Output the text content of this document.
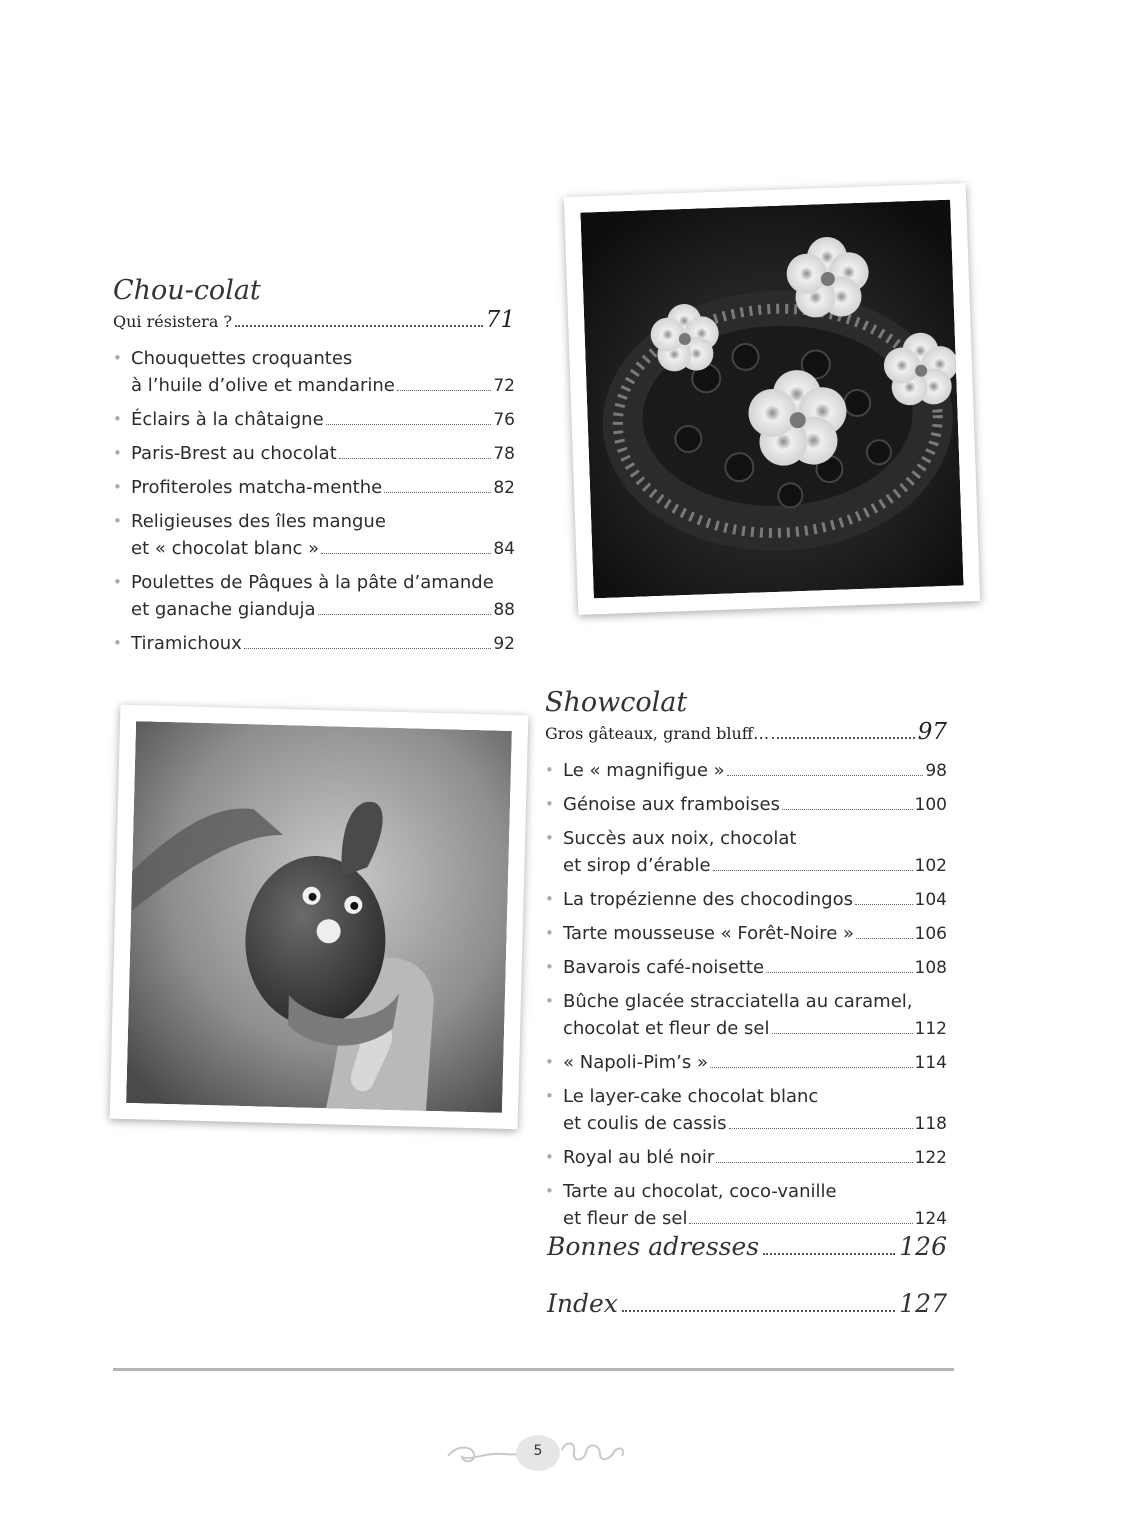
Chou-colat
Qui résistera ?	71
• Chouquettes croquantes
à l’huile d’olive et mandarine	72
• Éclairs à la châtaigne	76
• Paris-Brest au chocolat	78
• Profiteroles matcha-menthe	82
• Religieuses des îles mangue
et « chocolat blanc »	84
• Poulettes de Pâques à la pâte d’amande
et ganache gianduja	88
• Tiramichoux	92
Showcolat
Gros gâteaux, grand bluff…	97
• Le « magnifigue »	98
• Génoise aux framboises	100
• Succès aux noix, chocolat
et sirop d’érable	102
• La tropézienne des chocodingos	104
• Tarte mousseuse « Forêt-Noire »	106
• Bavarois café-noisette	108
• Bûche glacée stracciatella au caramel,
chocolat et fleur de sel	112
• « Napoli-Pim’s »	114
• Le layer-cake chocolat blanc
et coulis de cassis	118
• Royal au blé noir	122
• Tarte au chocolat, coco-vanille
et fleur de sel	124
Bonnes adresses	126
Index	127
5
